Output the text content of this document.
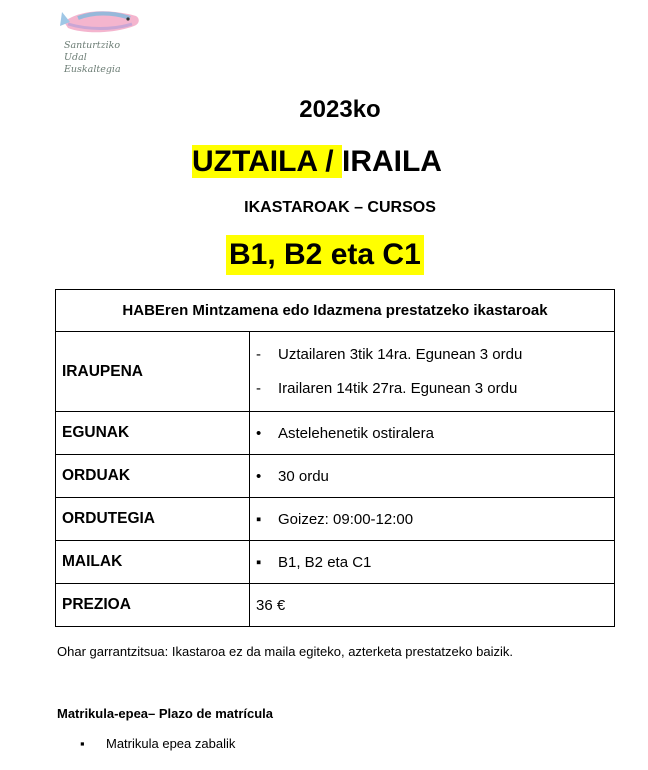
Santurtziko
Udal
Euskaltegia
2023ko
UZTAILA / IRAILA
IKASTAROAK – CURSOS
B1, B2 eta C1
HABEren Mintzamena edo Idazmena prestatzeko ikastaroak	
IRAUPENA	- Uztailaren 3tik 14ra. Egunean 3 ordu
- Irailaren 14tik 27ra. Egunean 3 ordu

EGUNAK	• Astelehenetik ostiralera

ORDUAK	• 30 ordu

ORDUTEGIA	▪ Goizez: 09:00-12:00

MAILAK	▪ B1, B2 eta C1

PREZIOA	36 €
Ohar garrantzitsua: Ikastaroa ez da maila egiteko, azterketa prestatzeko baizik.
Matrikula-epea– Plazo de matrícula
▪	Matrikula epea zabalik
